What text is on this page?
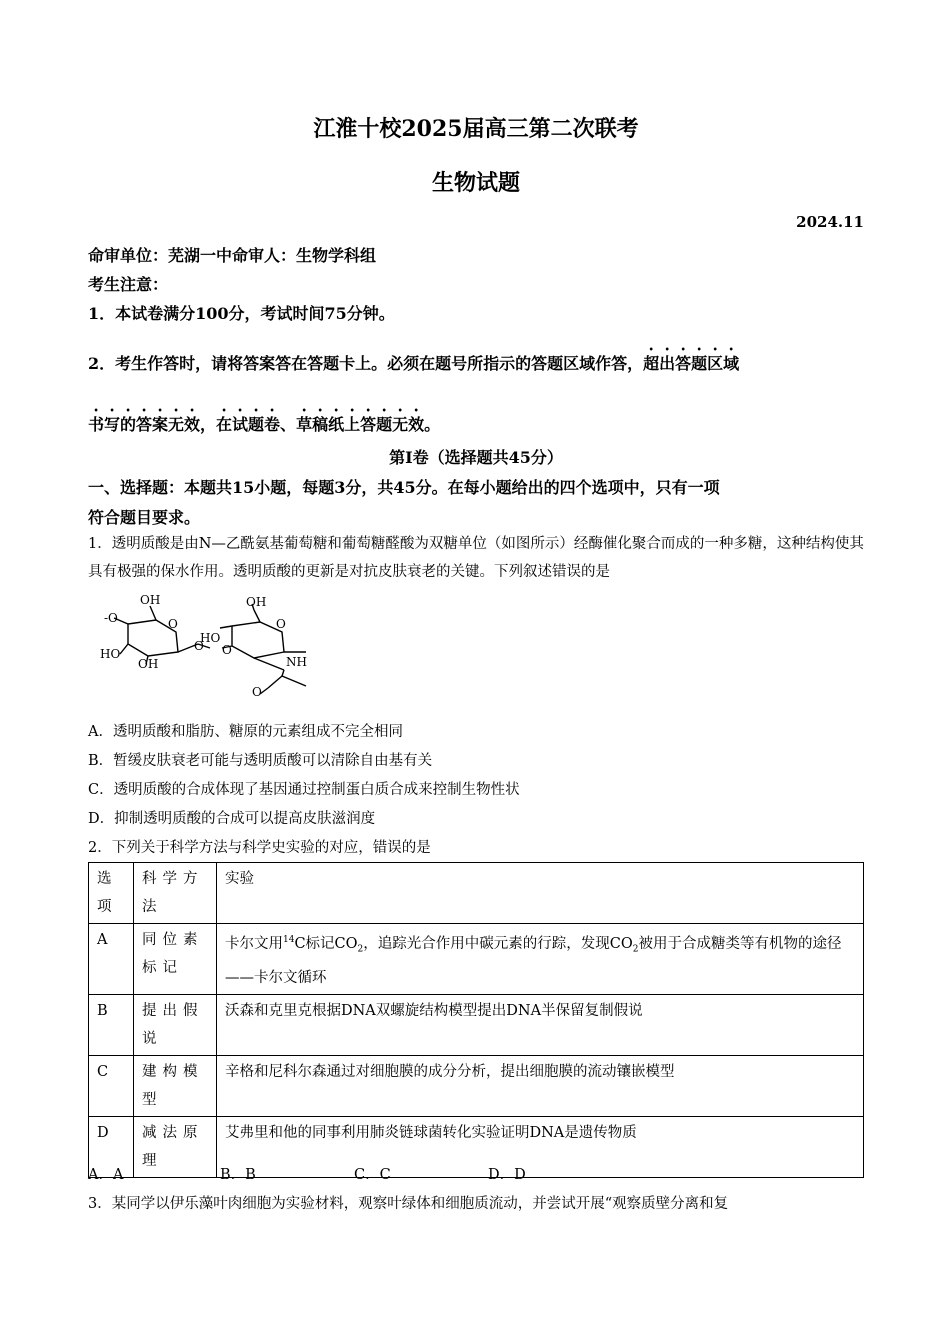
江淮十校2025届高三第二次联考
生物试题
2024.11
命审单位：芜湖一中命审人：生物学科组
考生注意：
1．本试卷满分100分，考试时间75分钟。
2．考生作答时，请将答案答在答题卡上。必须在题号所指示的答题区域作答，超出答题区域
书写的答案无效，在试题卷、草稿纸上答题无效。
第I卷（选择题共45分）
一、选择题：本题共15小题，每题3分，共45分。在每小题给出的四个选项中，只有一项
符合题目要求。
1．透明质酸是由N—乙酰氨基葡萄糖和葡萄糖醛酸为双糖单位（如图所示）经酶催化聚合而成的一种多糖，这种结构使其具有极强的保水作用。透明质酸的更新是对抗皮肤衰老的关键。下列叙述错误的是
OH
- O	O
HO
OH
O
HO
O
OH
O
NH
O
A．透明质酸和脂肪、糖原的元素组成不完全相同
B．暂缓皮肤衰老可能与透明质酸可以清除自由基有关
C．透明质酸的合成体现了基因通过控制蛋白质合成来控制生物性状
D．抑制透明质酸的合成可以提高皮肤滋润度
2．下列关于科学方法与科学史实验的对应，错误的是
选项	科学方法	实验
A	同位素标记	卡尔文用$^{14}$C标记$CO_2$，追踪光合作用中碳元素的行踪，发现$CO_2$被用于合成糖类等有机物的途径——卡尔文循环
B	提出假说	沃森和克里克根据DNA双螺旋结构模型提出DNA半保留复制假说
C	建构模型	辛格和尼科尔森通过对细胞膜的成分分析，提出细胞膜的流动镶嵌模型
D	减法原理	艾弗里和他的同事利用肺炎链球菌转化实验证明DNA是遗传物质
A．A	B．B	C．C	D．D
3．某同学以伊乐藻叶肉细胞为实验材料，观察叶绿体和细胞质流动，并尝试开展“观察质壁分离和复
